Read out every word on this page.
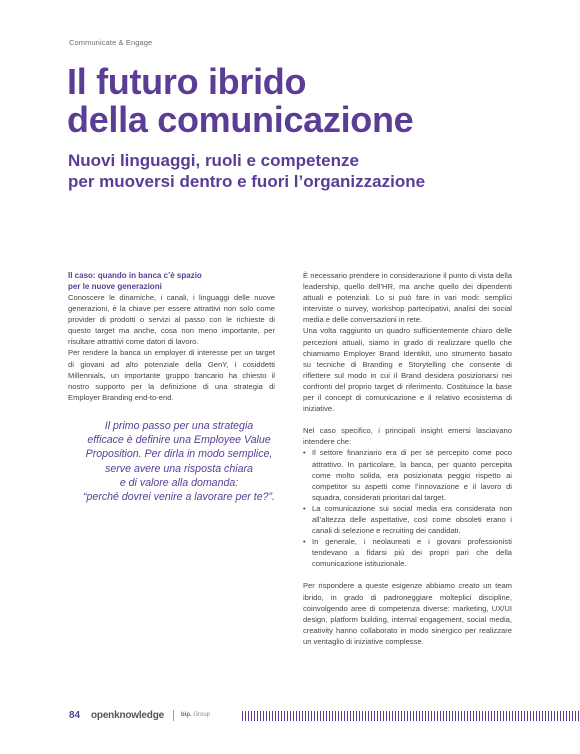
Communicate & Engage
Il futuro ibrido
della comunicazione
Nuovi linguaggi, ruoli e competenze
per muoversi dentro e fuori l’organizzazione
Il caso: quando in banca c’è spazio
per le nuove generazioni

Conoscere le dinamiche, i canali, i linguaggi delle nuove generazioni, è la chiave per essere attrattivi non solo come provider di prodotti o servizi al passo con le richieste di questo target ma anche, cosa non meno importante, per risultare attrattivi come datori di lavoro.

Per rendere la banca un employer di interesse per un target di giovani ad alto potenziale della GenY, i cosiddetti Millennials, un importante gruppo bancario ha chiesto il nostro supporto per la definizione di una strategia di Employer Branding end-to-end.

Il primo passo per una strategia
efficace è definire una Employee Value
Proposition. Per dirla in modo semplice,
serve avere una risposta chiara
e di valore alla domanda:
“perché dovrei venire a lavorare per te?”.

È necessario prendere in considerazione il punto di vista della leadership, quello dell’HR, ma anche quello dei dipendenti attuali e potenziali. Lo si può fare in vari modi: semplici interviste o survey, workshop partecipativi, analisi dei social media e delle conversazioni in rete.

Una volta raggiunto un quadro sufficientemente chiaro delle percezioni attuali, siamo in grado di realizzare quello che chiamiamo Employer Brand Identikit, uno strumento basato su tecniche di Branding e Storytelling che consente di riflettere sul modo in cui il Brand desidera posizionarsi nei confronti del proprio target di riferimento. Costituisce la base per il concept di comunicazione e il relativo ecosistema di iniziative.

Nel caso specifico, i principali insight emersi lasciavano intendere che:

• Il settore finanziario era di per sé percepito come poco attrattivo. In particolare, la banca, per quanto percepita come molto solida, era posizionata peggio rispetto ai competitor su aspetti come l’innovazione e il lavoro di squadra, considerati prioritari dal target.
• La comunicazione sui social media era considerata non all’altezza delle aspettative, così come obsoleti erano i canali di selezione e recruiting dei candidati.
• In generale, i neolaureati e i giovani professionisti tendevano a fidarsi più dei propri pari che della comunicazione istituzionale.

Per rispondere a queste esigenze abbiamo creato un team ibrido, in grado di padroneggiare molteplici discipline, coinvolgendo aree di competenza diverse: marketing, UX/UI design, platform building, internal engagement, social media, creativity hanno collaborato in modo sinergico per realizzare un ventaglio di iniziative complesse.

84 openknowledge	bip. Group
